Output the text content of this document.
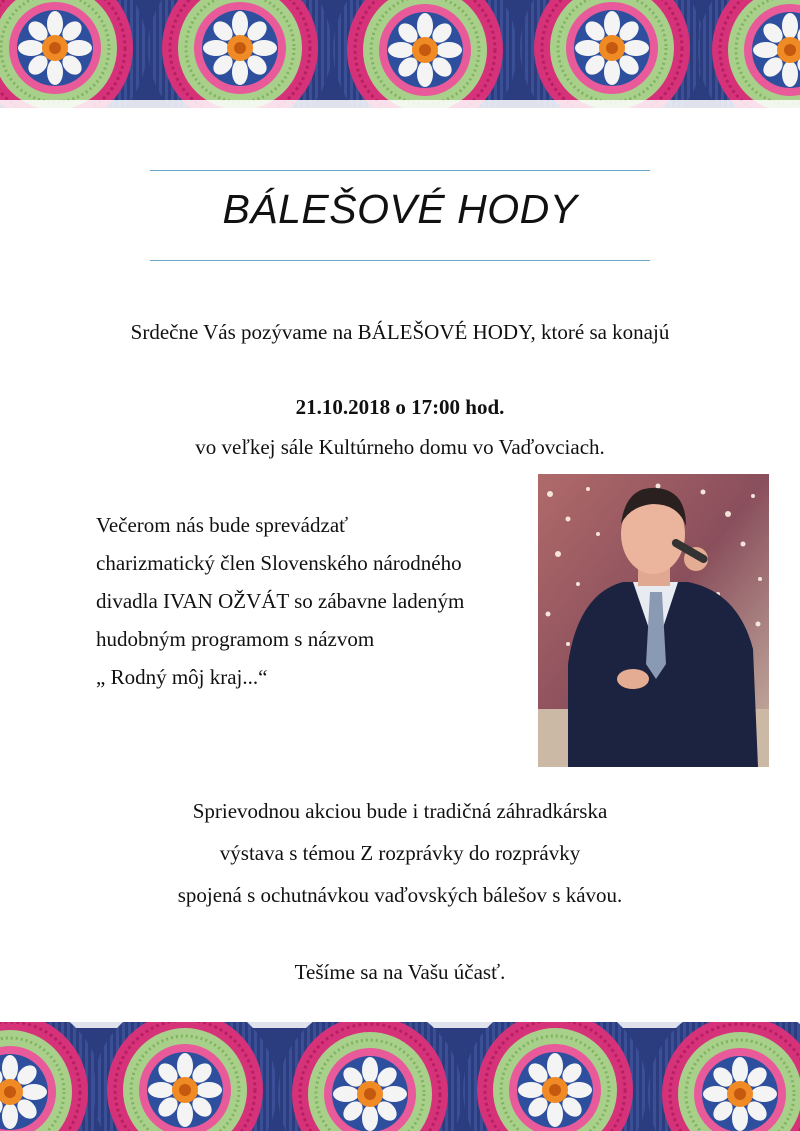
BÁLEŠOVÉ HODY
Srdečne Vás pozývame na BÁLEŠOVÉ HODY, ktoré sa konajú
21.10.2018 o 17:00 hod.
vo veľkej sále Kultúrneho domu vo Vaďovciach.
Večerom nás bude sprevádzať
charizmatický člen Slovenského národného
divadla IVAN OŽVÁT so zábavne ladeným
hudobným programom s názvom
„ Rodný môj kraj...“
Sprievodnou akciou bude i tradičná záhradkárska
výstava s témou Z rozprávky do rozprávky
spojená s ochutnávkou vaďovských bálešov s kávou.
Tešíme sa na Vašu účasť.
